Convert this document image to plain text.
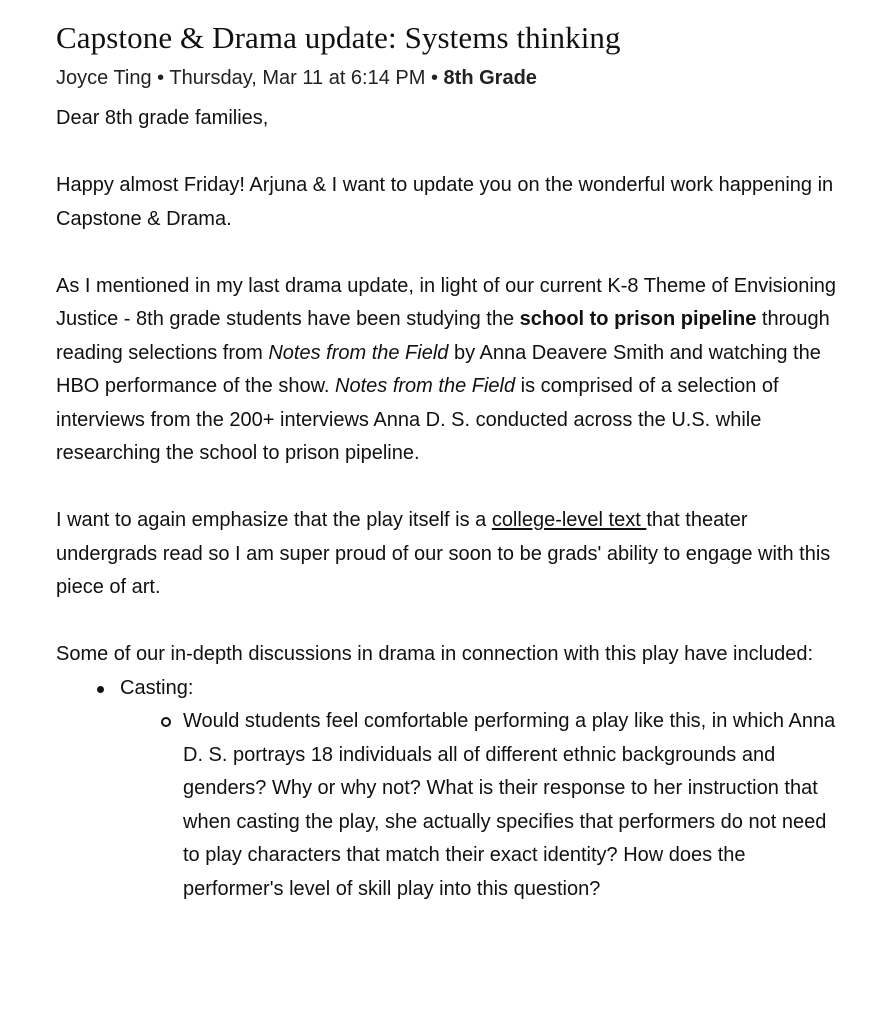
Capstone & Drama update: Systems thinking
Joyce Ting • Thursday, Mar 11 at 6:14 PM • 8th Grade

Dear 8th grade families,

Happy almost Friday! Arjuna & I want to update you on the wonderful work happening in Capstone & Drama.

As I mentioned in my last drama update, in light of our current K-8 Theme of Envisioning Justice - 8th grade students have been studying the school to prison pipeline through reading selections from Notes from the Field by Anna Deavere Smith and watching the HBO performance of the show. Notes from the Field is comprised of a selection of interviews from the 200+ interviews Anna D. S. conducted across the U.S. while researching the school to prison pipeline.

I want to again emphasize that the play itself is a college-level text that theater undergrads read so I am super proud of our soon to be grads' ability to engage with this piece of art.

Some of our in-depth discussions in drama in connection with this play have included:

Casting:
Would students feel comfortable performing a play like this, in which Anna D. S. portrays 18 individuals all of different ethnic backgrounds and genders? Why or why not? What is their response to her instruction that when casting the play, she actually specifies that performers do not need to play characters that match their exact identity? How does the performer's level of skill play into this question?
